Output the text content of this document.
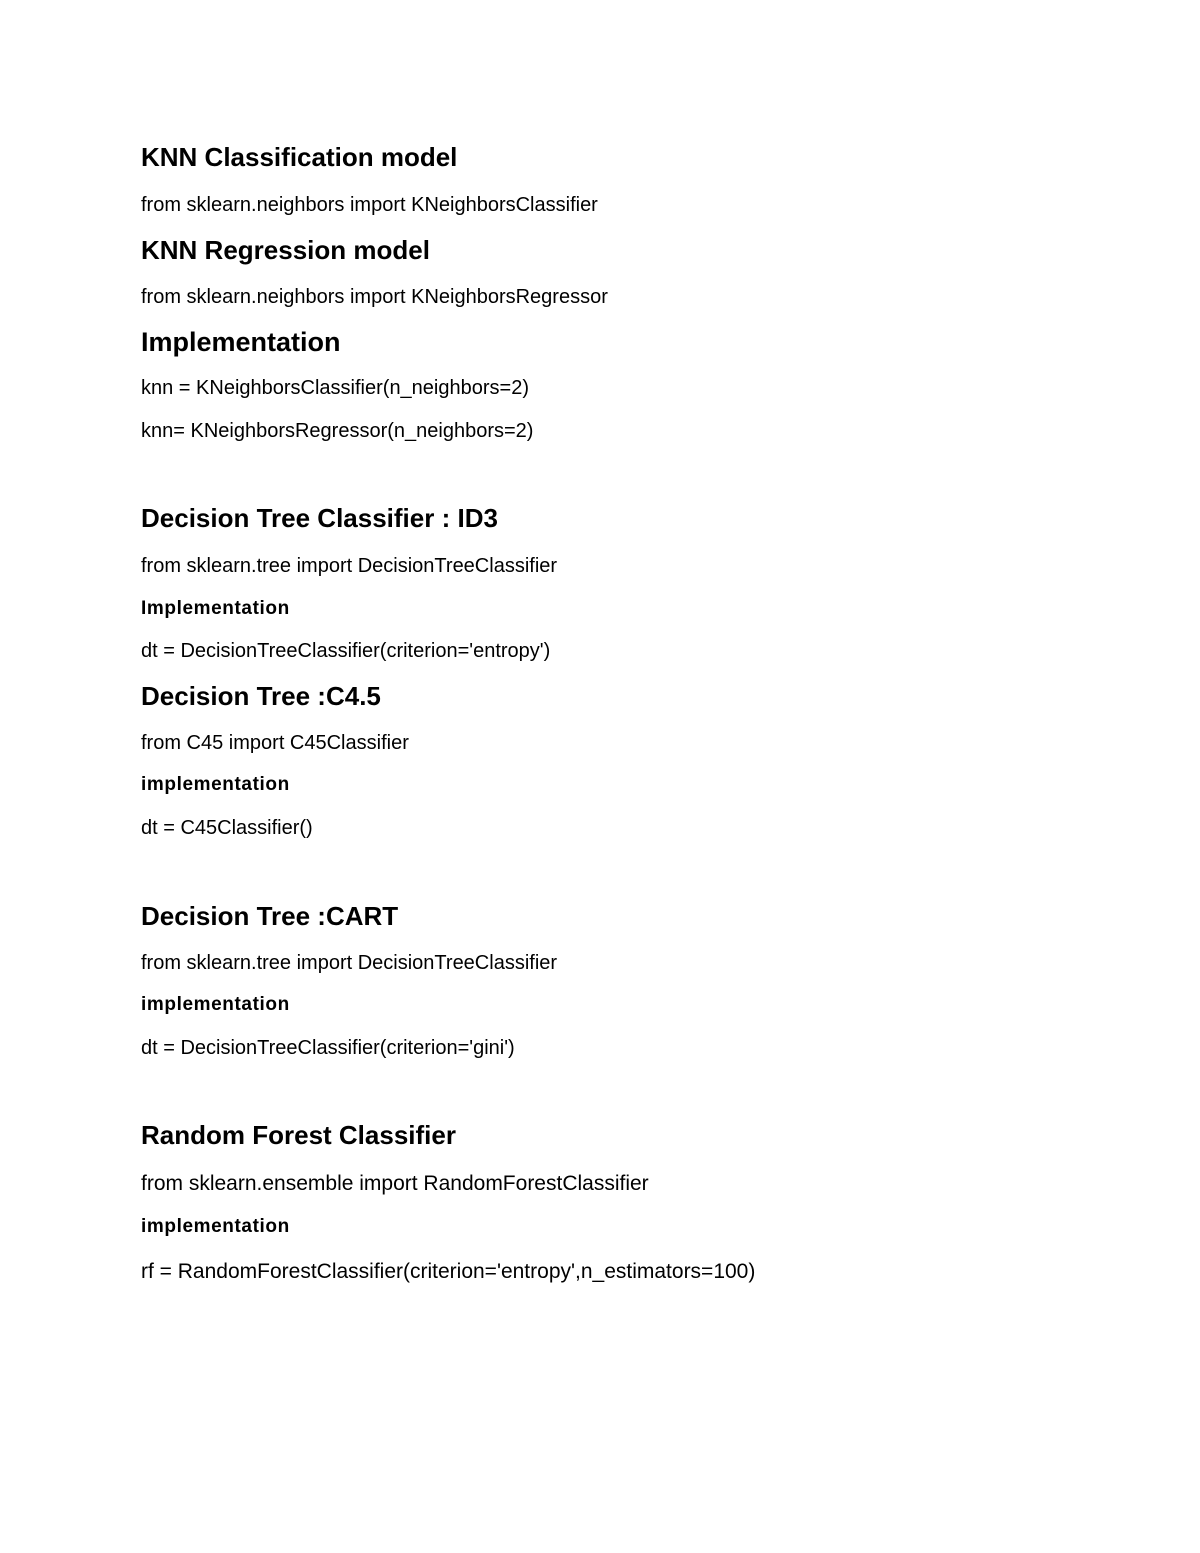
KNN Classification model
from sklearn.neighbors import KNeighborsClassifier
KNN Regression model
from sklearn.neighbors import KNeighborsRegressor
Implementation
knn = KNeighborsClassifier(n_neighbors=2)
knn= KNeighborsRegressor(n_neighbors=2)
Decision Tree Classifier : ID3
from sklearn.tree import DecisionTreeClassifier
Implementation
dt = DecisionTreeClassifier(criterion='entropy')
Decision Tree :C4.5
from C45 import C45Classifier
implementation
dt = C45Classifier()
Decision Tree :CART
from sklearn.tree import DecisionTreeClassifier
implementation
dt = DecisionTreeClassifier(criterion='gini')
Random Forest Classifier
from sklearn.ensemble import RandomForestClassifier
implementation
rf = RandomForestClassifier(criterion='entropy',n_estimators=100)
